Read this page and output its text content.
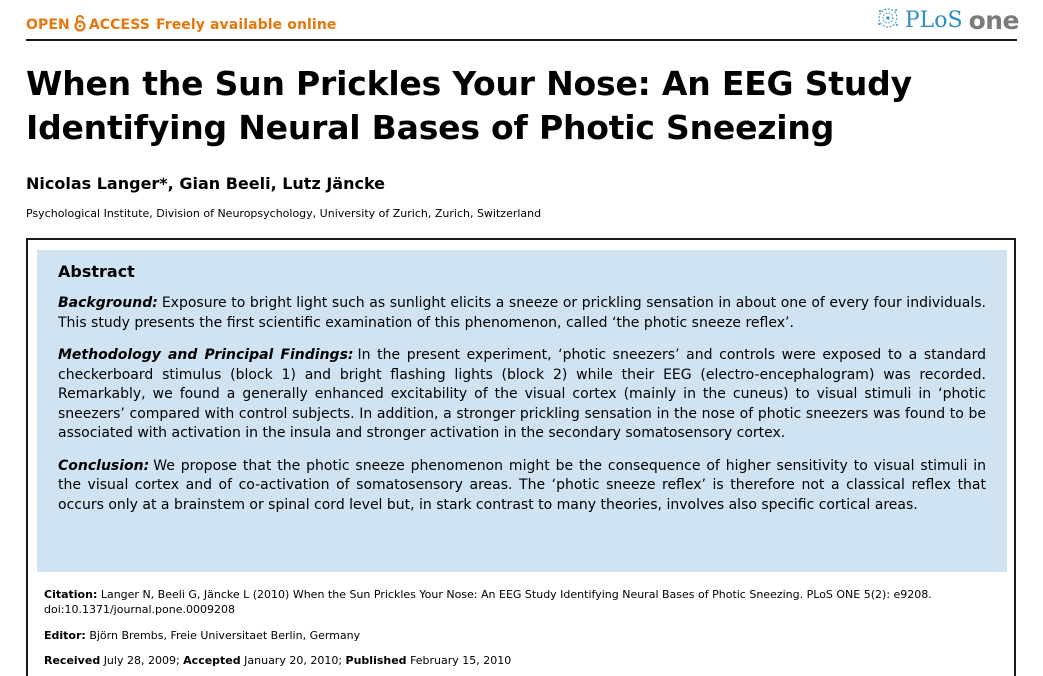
OPEN ACCESS Freely available online	PLoS one
When the Sun Prickles Your Nose: An EEG Study Identifying Neural Bases of Photic Sneezing

Nicolas Langer*, Gian Beeli, Lutz Jäncke

Psychological Institute, Division of Neuropsychology, University of Zurich, Zurich, Switzerland

Abstract

Background: Exposure to bright light such as sunlight elicits a sneeze or prickling sensation in about one of every four individuals. This study presents the first scientific examination of this phenomenon, called ‘the photic sneeze reflex’.

Methodology and Principal Findings: In the present experiment, ‘photic sneezers’ and controls were exposed to a standard checkerboard stimulus (block 1) and bright flashing lights (block 2) while their EEG (electro-encephalogram) was recorded. Remarkably, we found a generally enhanced excitability of the visual cortex (mainly in the cuneus) to visual stimuli in ‘photic sneezers’ compared with control subjects. In addition, a stronger prickling sensation in the nose of photic sneezers was found to be associated with activation in the insula and stronger activation in the secondary somatosensory cortex.

Conclusion: We propose that the photic sneeze phenomenon might be the consequence of higher sensitivity to visual stimuli in the visual cortex and of co-activation of somatosensory areas. The ‘photic sneeze reflex’ is therefore not a classical reflex that occurs only at a brainstem or spinal cord level but, in stark contrast to many theories, involves also specific cortical areas.

Citation: Langer N, Beeli G, Jäncke L (2010) When the Sun Prickles Your Nose: An EEG Study Identifying Neural Bases of Photic Sneezing. PLoS ONE 5(2): e9208. doi:10.1371/journal.pone.0009208

Editor: Björn Brembs, Freie Universitaet Berlin, Germany

Received July 28, 2009; Accepted January 20, 2010; Published February 15, 2010
